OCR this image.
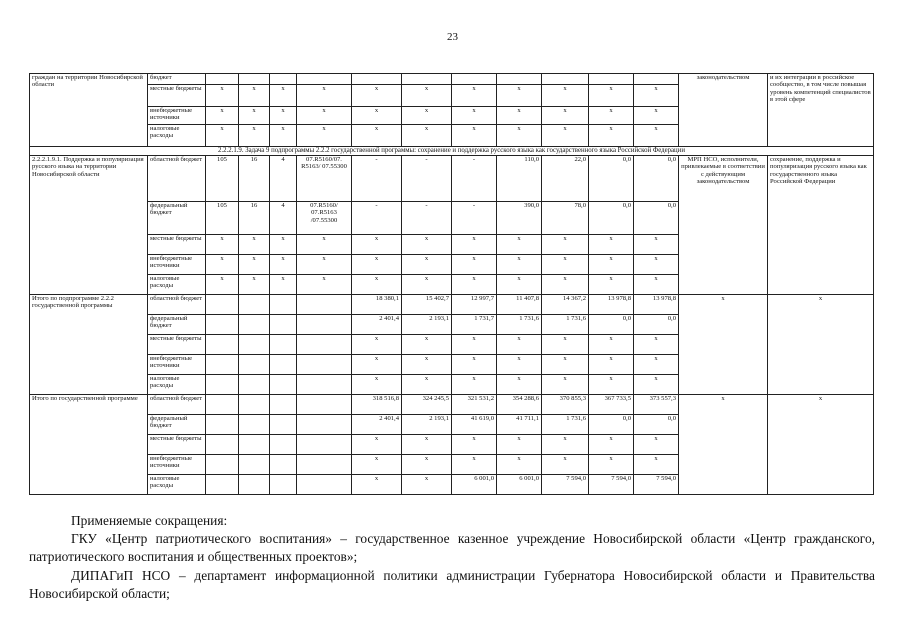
23
граждан на территории Новосибирской области	бюджет												законодательством	и их интеграции в российское сообщество, в том числе повышая уровень компетенций специалистов в этой сфере
	местные бюджеты	x	x	x	x	x	x	x	x	x	x	x		
	внебюджетные источники	x	x	x	x	x	x	x	x	x	x	x		
	налоговые расходы	x	x	x	x	x	x	x	x	x	x	x		
2.2.2.1.9. Задача 9 подпрограммы 2.2.2 государственной программы: сохранение и поддержка русского языка как государственного языка Российской Федерации														
2.2.2.1.9.1. Поддержка и популяризация русского языка на территории Новосибирской области	областной бюджет	105	16	4	07.R5160/07. R5163/ 07.55300	-	-	-	110,0	22,0	0,0	0,0	МРП НСО, исполнители, привлекаемые в соответствии с действующим законодательством	сохранение, поддержка и популяризация русского языка как государственного языка Российской Федерации
	федеральный бюджет	105	16	4	07.R5160/ 07.R5163 /07.55300	-	-	-	390,0	78,0	0,0	0,0		
	местные бюджеты	x	x	x	x	x	x	x	x	x	x	x		
	внебюджетные источники	x	x	x	x	x	x	x	x	x	x	x		
	налоговые расходы	x	x	x	x	x	x	x	x	x	x	x		
Итого по подпрограмме 2.2.2 государственной программы	областной бюджет					18 380,1	15 402,7	12 997,7	11 407,8	14 367,2	13 978,8	13 978,8	x	x
	федеральный бюджет					2 401,4	2 193,1	1 731,7	1 731,6	1 731,6	0,0	0,0		
	местные бюджеты					x	x	x	x	x	x	x		
	внебюджетные источники					x	x	x	x	x	x	x		
	налоговые расходы					x	x	x	x	x	x	x		
Итого по государственной программе	областной бюджет					318 516,8	324 245,5	321 531,2	354 288,6	370 855,3	367 733,5	373 557,3	x	x
	федеральный бюджет					2 401,4	2 193,1	41 619,0	41 711,1	1 731,6	0,0	0,0		
	местные бюджеты					x	x	x	x	x	x	x		
	внебюджетные источники					x	x	x	x	x	x	x		
	налоговые расходы					x	x	6 001,0	6 001,0	7 594,0	7 594,0	7 594,0		

Применяемые сокращения:

ГКУ «Центр патриотического воспитания» – государственное казенное учреждение Новосибирской области «Центр гражданского, патриотического воспитания и общественных проектов»;

ДИПАГиП НСО – департамент информационной политики администрации Губернатора Новосибирской области и Правительства Новосибирской области;
